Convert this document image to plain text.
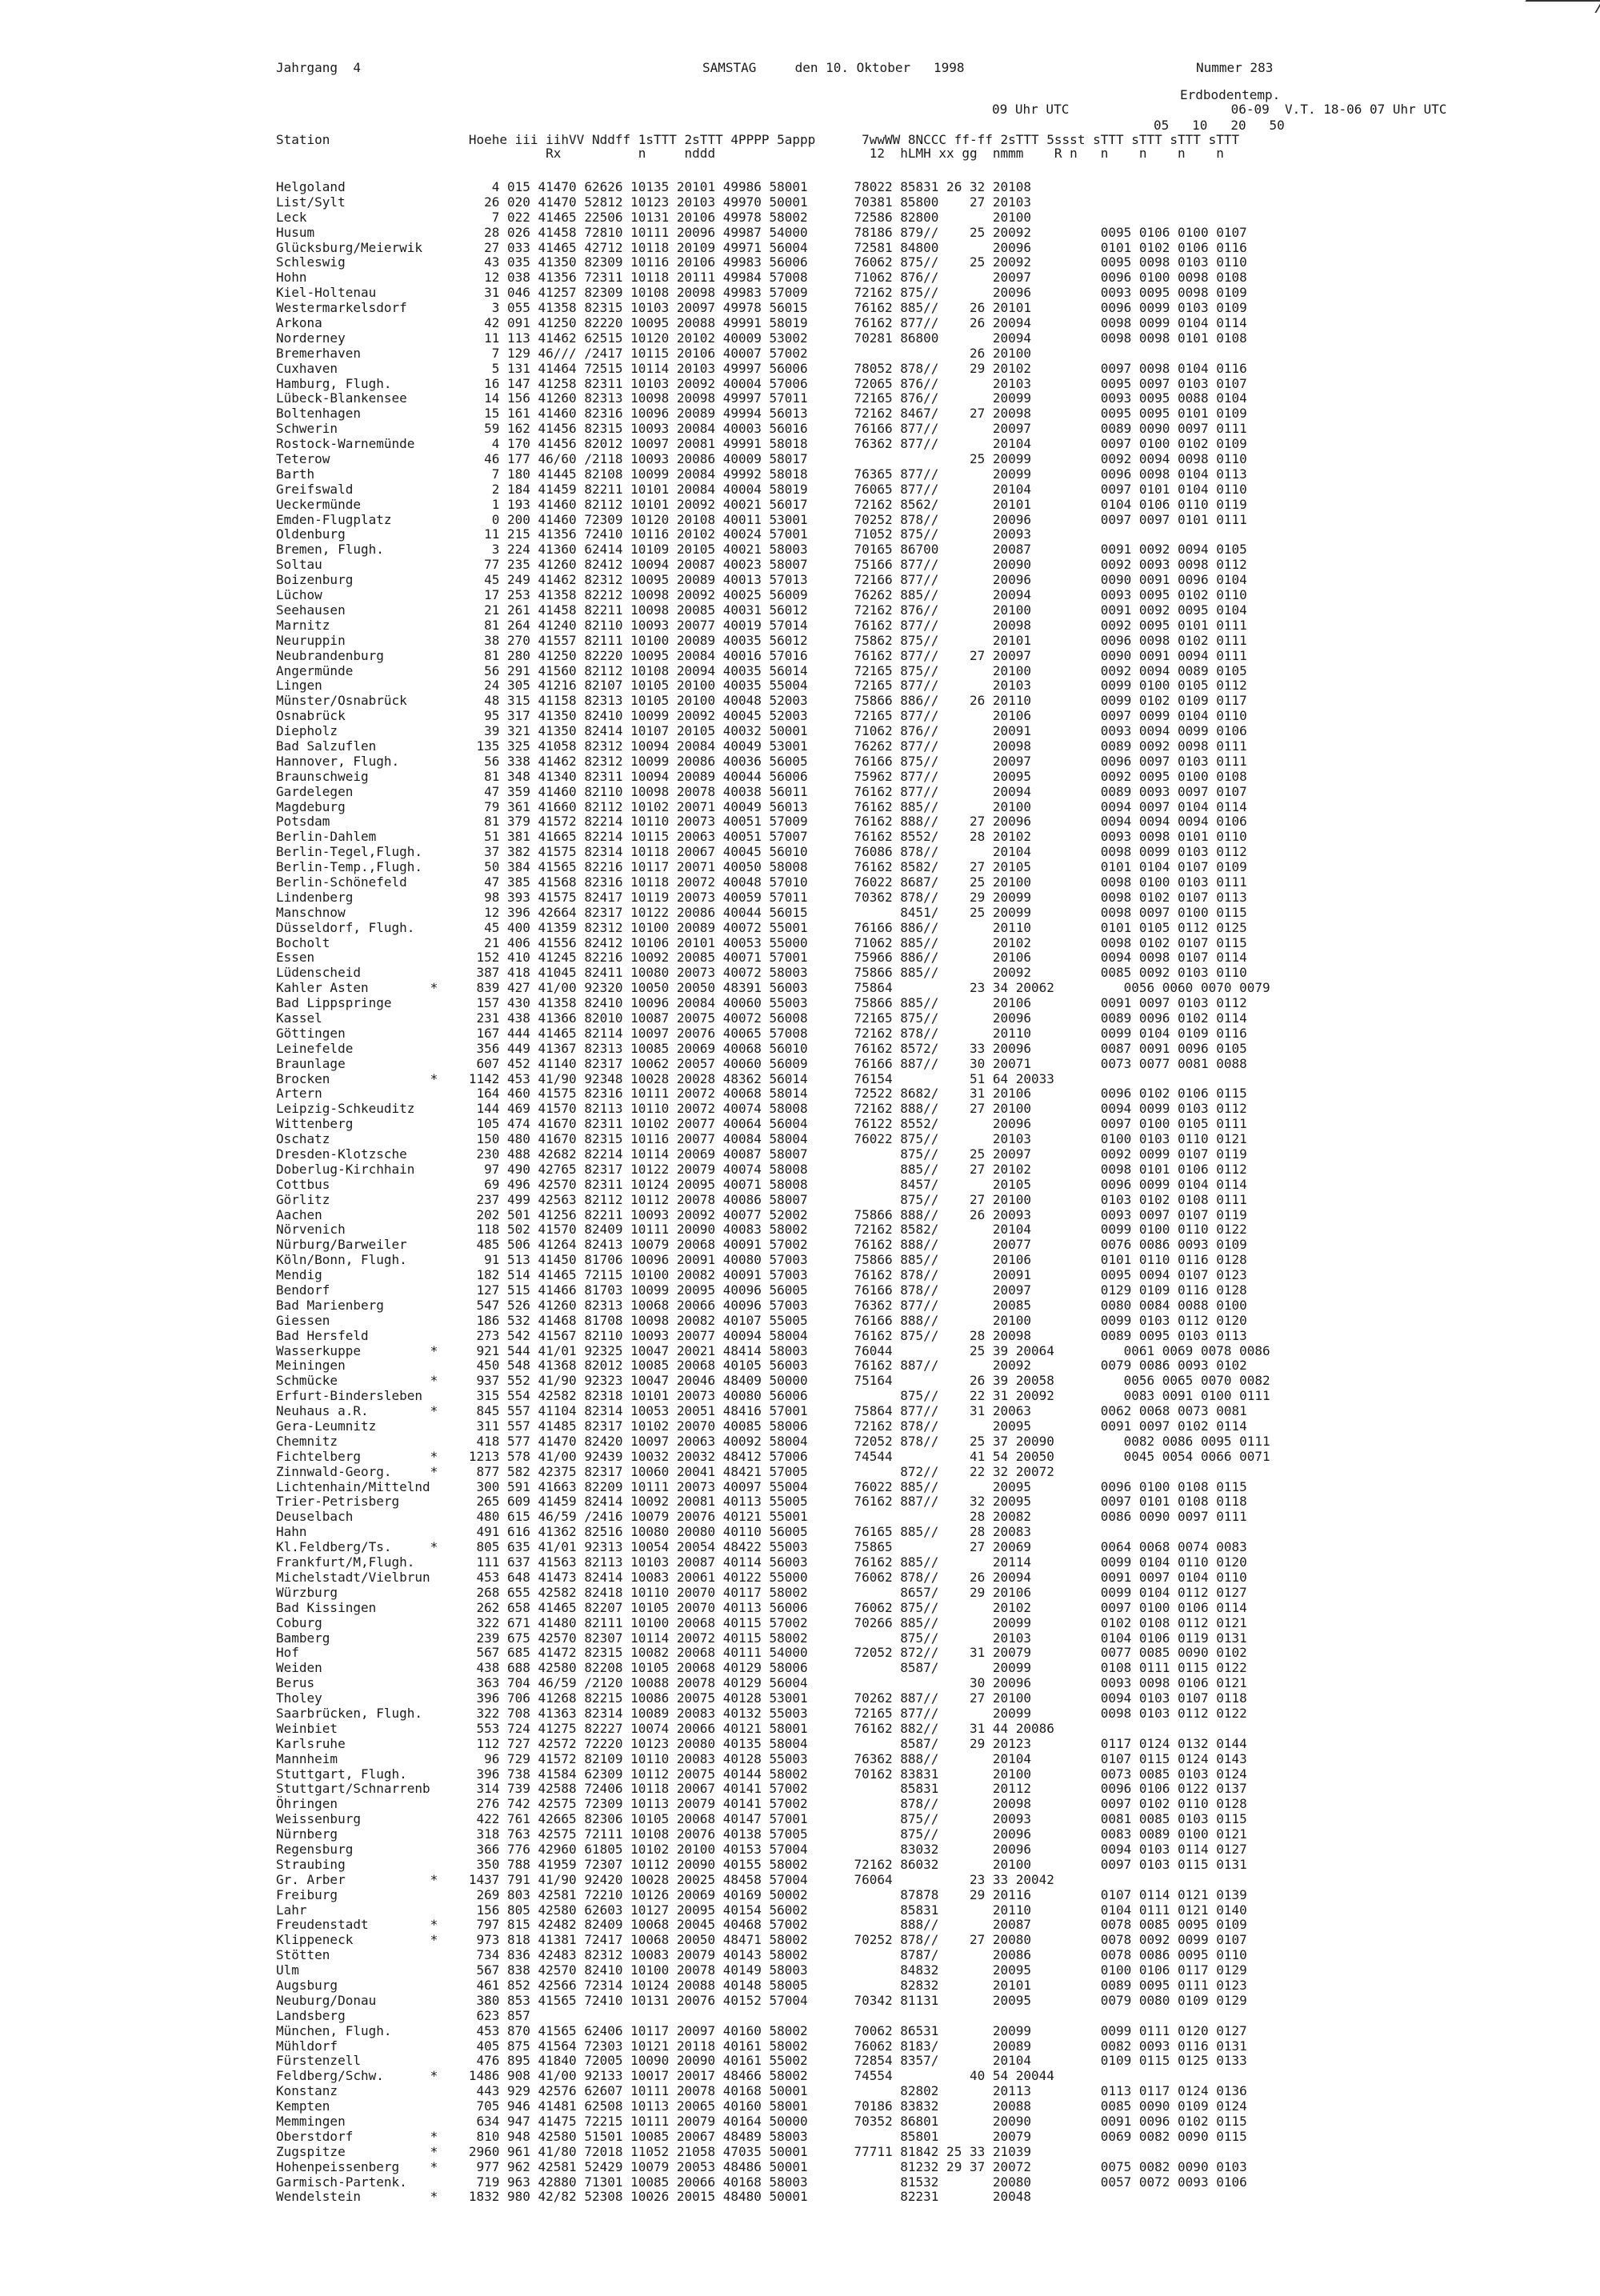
Jahrgang  4	SAMSTAG     den 10. Oktober   1998	Nummer 283
Erdbodentemp.
09 Uhr UTC                     06-09  V.T. 18-06 07 Uhr UTC
05   10   20   50
Station                  Hoehe iii iihVV Nddff 1sTTT 2sTTT 4PPPP 5appp      7wwWW 8NCCC ff-ff 2sTTT 5ssst sTTT sTTT sTTT sTTT
Rx          n     nddd                    12  hLMH xx gg  nmmm    R n   n    n    n    n
Helgoland                   4 015 41470 62626 10135 20101 49986 58001      78022 85831 26 32 20108
List/Sylt                  26 020 41470 52812 10123 20103 49970 50001      70381 85800    27 20103
Leck                        7 022 41465 22506 10131 20106 49978 58002      72586 82800       20100
Husum                      28 026 41458 72810 10111 20096 49987 54000      78186 879//    25 20092         0095 0106 0100 0107
Glücksburg/Meierwik        27 033 41465 42712 10118 20109 49971 56004      72581 84800       20096         0101 0102 0106 0116
Schleswig                  43 035 41350 82309 10116 20106 49983 56006      76062 875//    25 20092         0095 0098 0103 0110
Hohn                       12 038 41356 72311 10118 20111 49984 57008      71062 876//       20097         0096 0100 0098 0108
Kiel-Holtenau              31 046 41257 82309 10108 20098 49983 57009      72162 875//       20096         0093 0095 0098 0109
Westermarkelsdorf           3 055 41358 82315 10103 20097 49978 56015      76162 885//    26 20101         0096 0099 0103 0109
Arkona                     42 091 41250 82220 10095 20088 49991 58019      76162 877//    26 20094         0098 0099 0104 0114
Norderney                  11 113 41462 62515 10120 20102 40009 53002      70281 86800       20094         0098 0098 0101 0108
Bremerhaven                 7 129 46/// /2417 10115 20106 40007 57002                     26 20100
Cuxhaven                    5 131 41464 72515 10114 20103 49997 56006      78052 878//    29 20102         0097 0098 0104 0116
Hamburg, Flugh.            16 147 41258 82311 10103 20092 40004 57006      72065 876//       20103         0095 0097 0103 0107
Lübeck-Blankensee          14 156 41260 82313 10098 20098 49997 57011      72165 876//       20099         0093 0095 0088 0104
Boltenhagen                15 161 41460 82316 10096 20089 49994 56013      72162 8467/    27 20098         0095 0095 0101 0109
Schwerin                   59 162 41456 82315 10093 20084 40003 56016      76166 877//       20097         0089 0090 0097 0111
Rostock-Warnemünde          4 170 41456 82012 10097 20081 49991 58018      76362 877//       20104         0097 0100 0102 0109
Teterow                    46 177 46/60 /2118 10093 20086 40009 58017                     25 20099         0092 0094 0098 0110
Barth                       7 180 41445 82108 10099 20084 49992 58018      76365 877//       20099         0096 0098 0104 0113
Greifswald                  2 184 41459 82211 10101 20084 40004 58019      76065 877//       20104         0097 0101 0104 0110
Ueckermünde                 1 193 41460 82112 10101 20092 40021 56017      72162 8562/       20101         0104 0106 0110 0119
Emden-Flugplatz             0 200 41460 72309 10120 20108 40011 53001      70252 878//       20096         0097 0097 0101 0111
Oldenburg                  11 215 41356 72410 10116 20102 40024 57001      71052 875//       20093
Bremen, Flugh.              3 224 41360 62414 10109 20105 40021 58003      70165 86700       20087         0091 0092 0094 0105
Soltau                     77 235 41260 82412 10094 20087 40023 58007      75166 877//       20090         0092 0093 0098 0112
Boizenburg                 45 249 41462 82312 10095 20089 40013 57013      72166 877//       20096         0090 0091 0096 0104
Lüchow                     17 253 41358 82212 10098 20092 40025 56009      76262 885//       20094         0093 0095 0102 0110
Seehausen                  21 261 41458 82211 10098 20085 40031 56012      72162 876//       20100         0091 0092 0095 0104
Marnitz                    81 264 41240 82110 10093 20077 40019 57014      76162 877//       20098         0092 0095 0101 0111
Neuruppin                  38 270 41557 82111 10100 20089 40035 56012      75862 875//       20101         0096 0098 0102 0111
Neubrandenburg             81 280 41250 82220 10095 20084 40016 57016      76162 877//    27 20097         0090 0091 0094 0111
Angermünde                 56 291 41560 82112 10108 20094 40035 56014      72165 875//       20100         0092 0094 0089 0105
Lingen                     24 305 41216 82107 10105 20100 40035 55004      72165 877//       20103         0099 0100 0105 0112
Münster/Osnabrück          48 315 41158 82313 10105 20100 40048 52003      75866 886//    26 20110         0099 0102 0109 0117
Osnabrück                  95 317 41350 82410 10099 20092 40045 52003      72165 877//       20106         0097 0099 0104 0110
Diepholz                   39 321 41350 82414 10107 20105 40032 50001      71062 876//       20091         0093 0094 0099 0106
Bad Salzuflen             135 325 41058 82312 10094 20084 40049 53001      76262 877//       20098         0089 0092 0098 0111
Hannover, Flugh.           56 338 41462 82312 10099 20086 40036 56005      76166 875//       20097         0096 0097 0103 0111
Braunschweig               81 348 41340 82311 10094 20089 40044 56006      75962 877//       20095         0092 0095 0100 0108
Gardelegen                 47 359 41460 82110 10098 20078 40038 56011      76162 877//       20094         0089 0093 0097 0107
Magdeburg                  79 361 41660 82112 10102 20071 40049 56013      76162 885//       20100         0094 0097 0104 0114
Potsdam                    81 379 41572 82214 10110 20073 40051 57009      76162 888//    27 20096         0094 0094 0094 0106
Berlin-Dahlem              51 381 41665 82214 10115 20063 40051 57007      76162 8552/    28 20102         0093 0098 0101 0110
Berlin-Tegel,Flugh.        37 382 41575 82314 10118 20067 40045 56010      76086 878//       20104         0098 0099 0103 0112
Berlin-Temp.,Flugh.        50 384 41565 82216 10117 20071 40050 58008      76162 8582/    27 20105         0101 0104 0107 0109
Berlin-Schönefeld          47 385 41568 82316 10118 20072 40048 57010      76022 8687/    25 20100         0098 0100 0103 0111
Lindenberg                 98 393 41575 82417 10119 20073 40059 57011      70362 878//    29 20099         0098 0102 0107 0113
Manschnow                  12 396 42664 82317 10122 20086 40044 56015            8451/    25 20099         0098 0097 0100 0115
Düsseldorf, Flugh.         45 400 41359 82312 10100 20089 40072 55001      76166 886//       20110         0101 0105 0112 0125
Bocholt                    21 406 41556 82412 10106 20101 40053 55000      71062 885//       20102         0098 0102 0107 0115
Essen                     152 410 41245 82216 10092 20085 40071 57001      75966 886//       20106         0094 0098 0107 0114
Lüdenscheid               387 418 41045 82411 10080 20073 40072 58003      75866 885//       20092         0085 0092 0103 0110
Kahler Asten        *     839 427 41/00 92320 10050 20050 48391 56003      75864          23 34 20062         0056 0060 0070 0079
Bad Lippspringe           157 430 41358 82410 10096 20084 40060 55003      75866 885//       20106         0091 0097 0103 0112
Kassel                    231 438 41366 82010 10087 20075 40072 56008      72165 875//       20096         0089 0096 0102 0114
Göttingen                 167 444 41465 82114 10097 20076 40065 57008      72162 878//       20110         0099 0104 0109 0116
Leinefelde                356 449 41367 82313 10085 20069 40068 56010      76162 8572/    33 20096         0087 0091 0096 0105
Braunlage                 607 452 41140 82317 10062 20057 40060 56009      76166 887//    30 20071         0073 0077 0081 0088
Brocken             *    1142 453 41/90 92348 10028 20028 48362 56014      76154          51 64 20033
Artern                    164 460 41575 82316 10111 20072 40068 58014      72522 8682/    31 20106         0096 0102 0106 0115
Leipzig-Schkeuditz        144 469 41570 82113 10110 20072 40074 58008      72162 888//    27 20100         0094 0099 0103 0112
Wittenberg                105 474 41670 82311 10102 20077 40064 56004      76122 8552/       20096         0097 0100 0105 0111
Oschatz                   150 480 41670 82315 10116 20077 40084 58004      76022 875//       20103         0100 0103 0110 0121
Dresden-Klotzsche         230 488 42682 82214 10114 20069 40087 58007            875//    25 20097         0092 0099 0107 0119
Doberlug-Kirchhain         97 490 42765 82317 10122 20079 40074 58008            885//    27 20102         0098 0101 0106 0112
Cottbus                    69 496 42570 82311 10124 20095 40071 58008            8457/       20105         0096 0099 0104 0114
Görlitz                   237 499 42563 82112 10112 20078 40086 58007            875//    27 20100         0103 0102 0108 0111
Aachen                    202 501 41256 82211 10093 20092 40077 52002      75866 888//    26 20093         0093 0097 0107 0119
Nörvenich                 118 502 41570 82409 10111 20090 40083 58002      72162 8582/       20104         0099 0100 0110 0122
Nürburg/Barweiler         485 506 41264 82413 10079 20068 40091 57002      76162 888//       20077         0076 0086 0093 0109
Köln/Bonn, Flugh.          91 513 41450 81706 10096 20091 40080 57003      75866 885//       20106         0101 0110 0116 0128
Mendig                    182 514 41465 72115 10100 20082 40091 57003      76162 878//       20091         0095 0094 0107 0123
Bendorf                   127 515 41466 81703 10099 20095 40096 56005      76166 878//       20097         0129 0109 0116 0128
Bad Marienberg            547 526 41260 82313 10068 20066 40096 57003      76362 877//       20085         0080 0084 0088 0100
Giessen                   186 532 41468 81708 10098 20082 40107 55005      76166 888//       20100         0099 0103 0112 0120
Bad Hersfeld              273 542 41567 82110 10093 20077 40094 58004      76162 875//    28 20098         0089 0095 0103 0113
Wasserkuppe         *     921 544 41/01 92325 10047 20021 48414 58003      76044          25 39 20064         0061 0069 0078 0086
Meiningen                 450 548 41368 82012 10085 20068 40105 56003      76162 887//       20092         0079 0086 0093 0102
Schmücke            *     937 552 41/90 92323 10047 20046 48409 50000      75164          26 39 20058         0056 0065 0070 0082
Erfurt-Bindersleben       315 554 42582 82318 10101 20073 40080 56006            875//    22 31 20092         0083 0091 0100 0111
Neuhaus a.R.        *     845 557 41104 82314 10053 20051 48416 57001      75864 877//    31 20063         0062 0068 0073 0081
Gera-Leumnitz             311 557 41485 82317 10102 20070 40085 58006      72162 878//       20095         0091 0097 0102 0114
Chemnitz                  418 577 41470 82420 10097 20063 40092 58004      72052 878//    25 37 20090         0082 0086 0095 0111
Fichtelberg         *    1213 578 41/00 92439 10032 20032 48412 57006      74544          41 54 20050         0045 0054 0066 0071
Zinnwald-Georg.     *     877 582 42375 82317 10060 20041 48421 57005            872//    22 32 20072
Lichtenhain/Mittelnd      300 591 41663 82209 10111 20073 40097 55004      76022 885//       20095         0096 0100 0108 0115
Trier-Petrisberg          265 609 41459 82414 10092 20081 40113 55005      76162 887//    32 20095         0097 0101 0108 0118
Deuselbach                480 615 46/59 /2416 10079 20076 40121 55001                     28 20082         0086 0090 0097 0111
Hahn                      491 616 41362 82516 10080 20080 40110 56005      76165 885//    28 20083
Kl.Feldberg/Ts.     *     805 635 41/01 92313 10054 20054 48422 55003      75865          27 20069         0064 0068 0074 0083
Frankfurt/M,Flugh.        111 637 41563 82113 10103 20087 40114 56003      76162 885//       20114         0099 0104 0110 0120
Michelstadt/Vielbrun      453 648 41473 82414 10083 20061 40122 55000      76062 878//    26 20094         0091 0097 0104 0110
Würzburg                  268 655 42582 82418 10110 20070 40117 58002            8657/    29 20106         0099 0104 0112 0127
Bad Kissingen             262 658 41465 82207 10105 20070 40113 56006      76062 875//       20102         0097 0100 0106 0114
Coburg                    322 671 41480 82111 10100 20068 40115 57002      70266 885//       20099         0102 0108 0112 0121
Bamberg                   239 675 42570 82307 10114 20072 40115 58002            875//       20103         0104 0106 0119 0131
Hof                       567 685 41472 82315 10082 20068 40111 54000      72052 872//    31 20079         0077 0085 0090 0102
Weiden                    438 688 42580 82208 10105 20068 40129 58006            8587/       20099         0108 0111 0115 0122
Berus                     363 704 46/59 /2120 10088 20078 40129 56004                     30 20096         0093 0098 0106 0121
Tholey                    396 706 41268 82215 10086 20075 40128 53001      70262 887//    27 20100         0094 0103 0107 0118
Saarbrücken, Flugh.       322 708 41363 82314 10089 20083 40132 55003      72165 877//       20099         0098 0103 0112 0122
Weinbiet                  553 724 41275 82227 10074 20066 40121 58001      76162 882//    31 44 20086
Karlsruhe                 112 727 42572 72220 10123 20080 40135 58004            8587/    29 20123         0117 0124 0132 0144
Mannheim                   96 729 41572 82109 10110 20083 40128 55003      76362 888//       20104         0107 0115 0124 0143
Stuttgart, Flugh.         396 738 41584 62309 10112 20075 40144 58002      70162 83831       20100         0073 0085 0103 0124
Stuttgart/Schnarrenb      314 739 42588 72406 10118 20067 40141 57002            85831       20112         0096 0106 0122 0137
Öhringen                  276 742 42575 72309 10113 20079 40141 57002            878//       20098         0097 0102 0110 0128
Weissenburg               422 761 42665 82306 10105 20068 40147 57001            875//       20093         0081 0085 0103 0115
Nürnberg                  318 763 42575 72111 10108 20076 40138 57005            875//       20096         0083 0089 0100 0121
Regensburg                366 776 42960 61805 10102 20100 40153 57004            83032       20096         0094 0103 0114 0127
Straubing                 350 788 41959 72307 10112 20090 40155 58002      72162 86032       20100         0097 0103 0115 0131
Gr. Arber           *    1437 791 41/90 92420 10028 20025 48458 57004      76064          23 33 20042
Freiburg                  269 803 42581 72210 10126 20069 40169 50002            87878    29 20116         0107 0114 0121 0139
Lahr                      156 805 42580 62603 10127 20095 40154 56002            85831       20110         0104 0111 0121 0140
Freudenstadt        *     797 815 42482 82409 10068 20045 40468 57002            888//       20087         0078 0085 0095 0109
Klippeneck          *     973 818 41381 72417 10068 20050 48471 58002      70252 878//    27 20080         0078 0092 0099 0107
Stötten                   734 836 42483 82312 10083 20079 40143 58002            8787/       20086         0078 0086 0095 0110
Ulm                       567 838 42570 82410 10100 20078 40149 58003            84832       20095         0100 0106 0117 0129
Augsburg                  461 852 42566 72314 10124 20088 40148 58005            82832       20101         0089 0095 0111 0123
Neuburg/Donau             380 853 41565 72410 10131 20076 40152 57004      70342 81131       20095         0079 0080 0109 0129
Landsberg                 623 857
München, Flugh.           453 870 41565 62406 10117 20097 40160 58002      70062 86531       20099         0099 0111 0120 0127
Mühldorf                  405 875 41564 72303 10121 20118 40161 58002      76062 8183/       20089         0082 0093 0116 0131
Fürstenzell               476 895 41840 72005 10090 20090 40161 55002      72854 8357/       20104         0109 0115 0125 0133
Feldberg/Schw.      *    1486 908 41/00 92133 10017 20017 48466 58002      74554          40 54 20044
Konstanz                  443 929 42576 62607 10111 20078 40168 50001            82802       20113         0113 0117 0124 0136
Kempten                   705 946 41481 62508 10113 20065 40160 58001      70186 83832       20088         0085 0090 0109 0124
Memmingen                 634 947 41475 72215 10111 20079 40164 50000      70352 86801       20090         0091 0096 0102 0115
Oberstdorf          *     810 948 42580 51501 10085 20067 48489 58003            85801       20079         0069 0082 0090 0115
Zugspitze           *    2960 961 41/80 72018 11052 21058 47035 50001      77711 81842 25 33 21039
Hohenpeissenberg    *     977 962 42581 52429 10079 20053 48486 50001            81232 29 37 20072         0075 0082 0090 0103
Garmisch-Partenk.         719 963 42880 71301 10085 20066 40168 58003            81532       20080         0057 0072 0093 0106
Wendelstein         *    1832 980 42/82 52308 10026 20015 48480 50001            82231       20048
